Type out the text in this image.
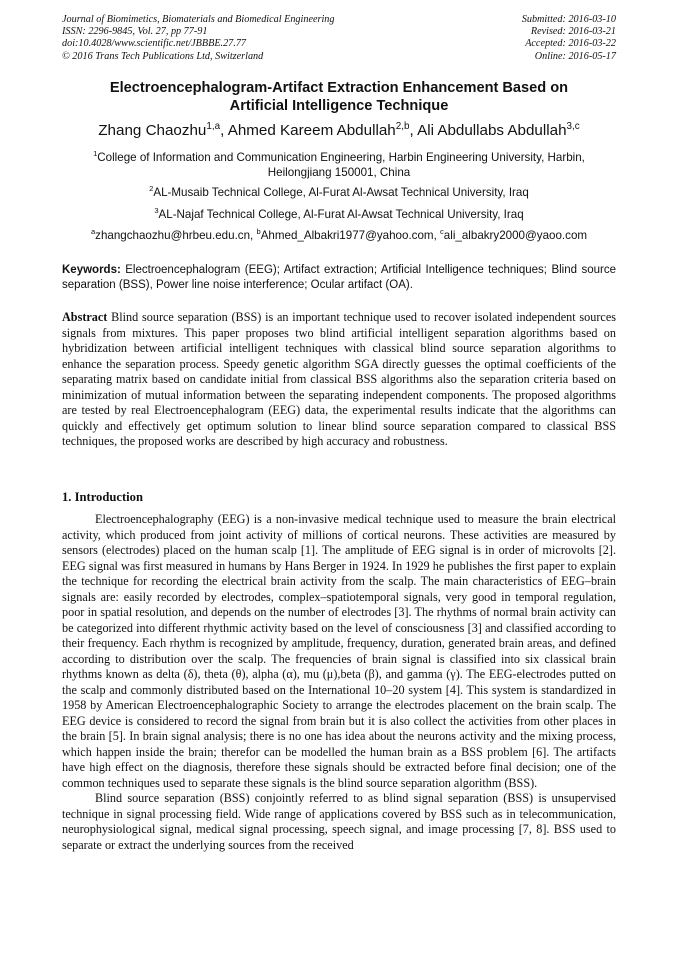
Journal of Biomimetics, Biomaterials and Biomedical Engineering	Submitted: 2016-03-10
ISSN: 2296-9845, Vol. 27, pp 77-91	Revised: 2016-03-21
doi:10.4028/www.scientific.net/JBBBE.27.77	Accepted: 2016-03-22
© 2016 Trans Tech Publications Ltd, Switzerland	Online: 2016-05-17
Electroencephalogram-Artifact Extraction Enhancement Based on
Artificial Intelligence Technique
Zhang Chaozhu$^{1,a}$, Ahmed Kareem Abdullah$^{2,b}$, Ali Abdullabs Abdullah$^{3,c}$
$^1$College of Information and Communication Engineering, Harbin Engineering University, Harbin,
Heilongjiang 150001, China
$^2$AL-Musaib Technical College, Al-Furat Al-Awsat Technical University, Iraq
$^3$AL-Najaf Technical College, Al-Furat Al-Awsat Technical University, Iraq
$^a$zhangchaozhu@hrbeu.edu.cn, $^b$Ahmed_Albakri1977@yahoo.com, $^c$ali_albakry2000@yaoo.com
Keywords: Electroencephalogram (EEG); Artifact extraction; Artificial Intelligence techniques; Blind source separation (BSS), Power line noise interference; Ocular artifact (OA).

Abstract Blind source separation (BSS) is an important technique used to recover isolated independent sources signals from mixtures. This paper proposes two blind artificial intelligent separation algorithms based on hybridization between artificial intelligent techniques with classical blind source separation algorithms to enhance the separation process. Speedy genetic algorithm SGA directly guesses the optimal coefficients of the separating matrix based on candidate initial from classical BSS algorithms also the separation criteria based on minimization of mutual information between the separating independent components. The proposed algorithms are tested by real Electroencephalogram (EEG) data, the experimental results indicate that the algorithms can quickly and effectively get optimum solution to linear blind source separation compared to classical BSS techniques, the proposed works are described by high accuracy and robustness.

1. Introduction

Electroencephalography (EEG) is a non-invasive medical technique used to measure the brain electrical activity, which produced from joint activity of millions of cortical neurons. These activities are measured by sensors (electrodes) placed on the human scalp [1]. The amplitude of EEG signal is in order of microvolts [2]. EEG signal was first measured in humans by Hans Berger in 1924. In 1929 he publishes the first paper to explain the technique for recording the electrical brain activity from the scalp. The main characteristics of EEG–brain signals are: easily recorded by electrodes, complex–spatiotemporal signals, very good in temporal regulation, poor in spatial resolution, and depends on the number of electrodes [3]. The rhythms of normal brain activity can be categorized into different rhythmic activity based on the level of consciousness [3] and classified according to their frequency. Each rhythm is recognized by amplitude, frequency, duration, generated brain areas, and defined according to distribution over the scalp. The frequencies of brain signal is classified into six classical brain rhythms known as delta (δ), theta (θ), alpha (α), mu (μ),beta (β), and gamma (γ). The EEG-electrodes putted on the scalp and commonly distributed based on the International 10–20 system [4]. This system is standardized in 1958 by American Electroencephalographic Society to arrange the electrodes placement on the brain scalp. The EEG device is considered to record the signal from brain but it is also collect the activities from other places in the brain [5]. In brain signal analysis; there is no one has idea about the neurons activity and the mixing process, which happen inside the brain; therefor can be modelled the human brain as a BSS problem [6]. The artifacts have high effect on the diagnosis, therefore these signals should be extracted before final decision; one of the common techniques used to separate these signals is the blind source separation algorithm (BSS).

Blind source separation (BSS) conjointly referred to as blind signal separation (BSS) is unsupervised technique in signal processing field. Wide range of applications covered by BSS such as in telecommunication, neurophysiological signal, medical signal processing, speech signal, and image processing [7, 8]. BSS used to separate or extract the underlying sources from the received
